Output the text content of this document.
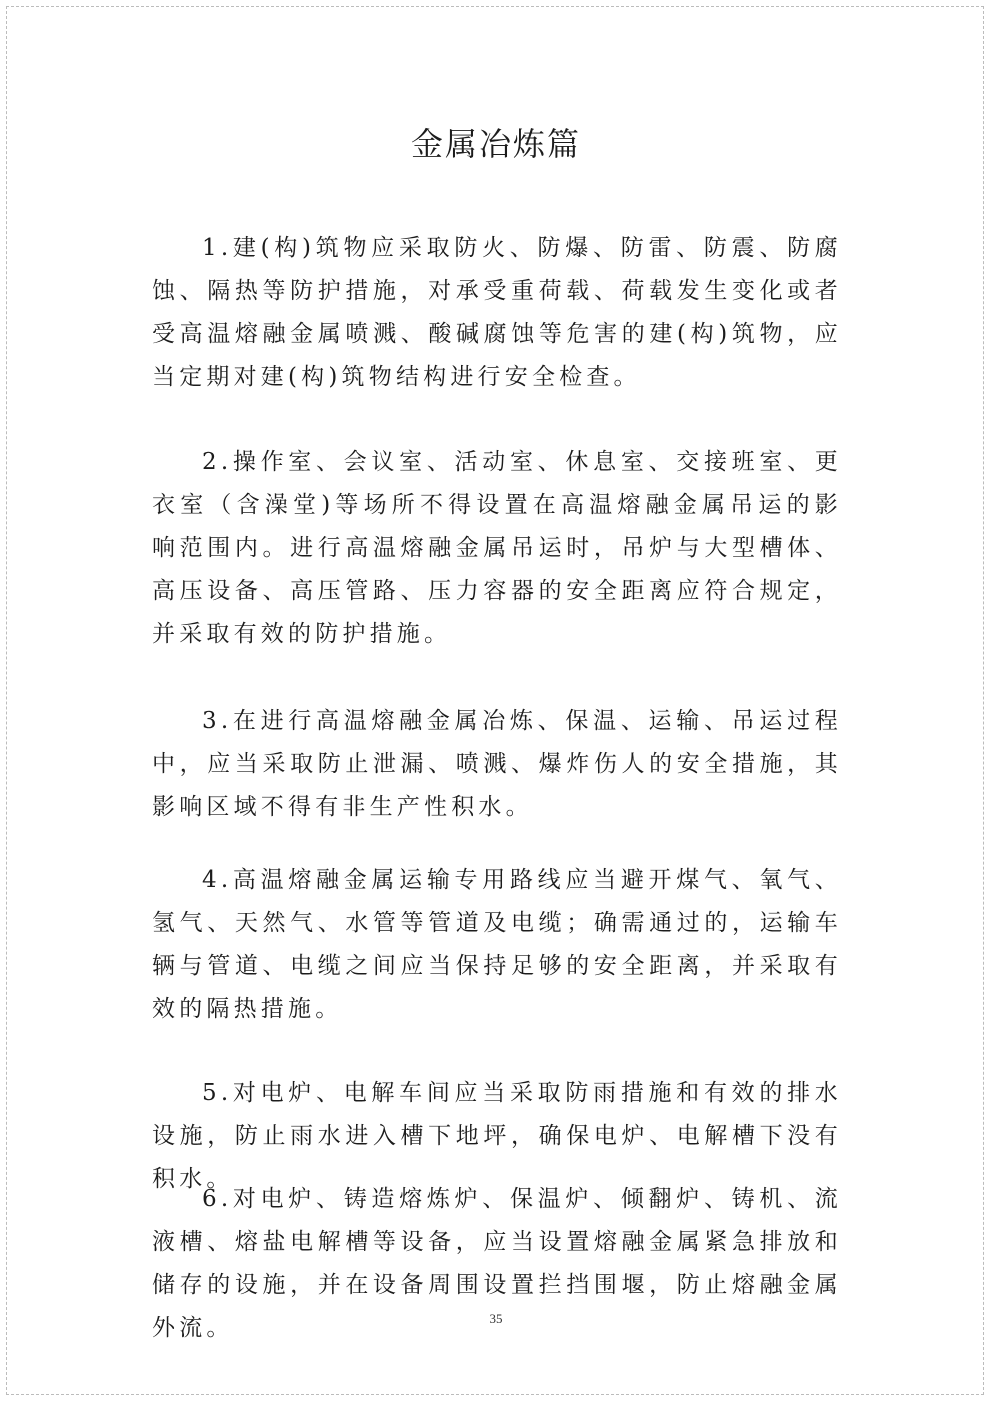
金属冶炼篇

1.建(构)筑物应采取防火、防爆、防雷、防震、防腐蚀、隔热等防护措施，对承受重荷载、荷载发生变化或者受高温熔融金属喷溅、酸碱腐蚀等危害的建(构)筑物，应当定期对建(构)筑物结构进行安全检查。

2.操作室、会议室、活动室、休息室、交接班室、更衣室（含澡堂)等场所不得设置在高温熔融金属吊运的影响范围内。进行高温熔融金属吊运时，吊炉与大型槽体、高压设备、高压管路、压力容器的安全距离应符合规定，并采取有效的防护措施。

3.在进行高温熔融金属冶炼、保温、运输、吊运过程中，应当采取防止泄漏、喷溅、爆炸伤人的安全措施，其影响区域不得有非生产性积水。

4.高温熔融金属运输专用路线应当避开煤气、氧气、氢气、天然气、水管等管道及电缆；确需通过的，运输车辆与管道、电缆之间应当保持足够的安全距离，并采取有效的隔热措施。

5.对电炉、电解车间应当采取防雨措施和有效的排水设施，防止雨水进入槽下地坪，确保电炉、电解槽下没有积水。

6.对电炉、铸造熔炼炉、保温炉、倾翻炉、铸机、流液槽、熔盐电解槽等设备，应当设置熔融金属紧急排放和储存的设施，并在设备周围设置拦挡围堰，防止熔融金属外流。	35
